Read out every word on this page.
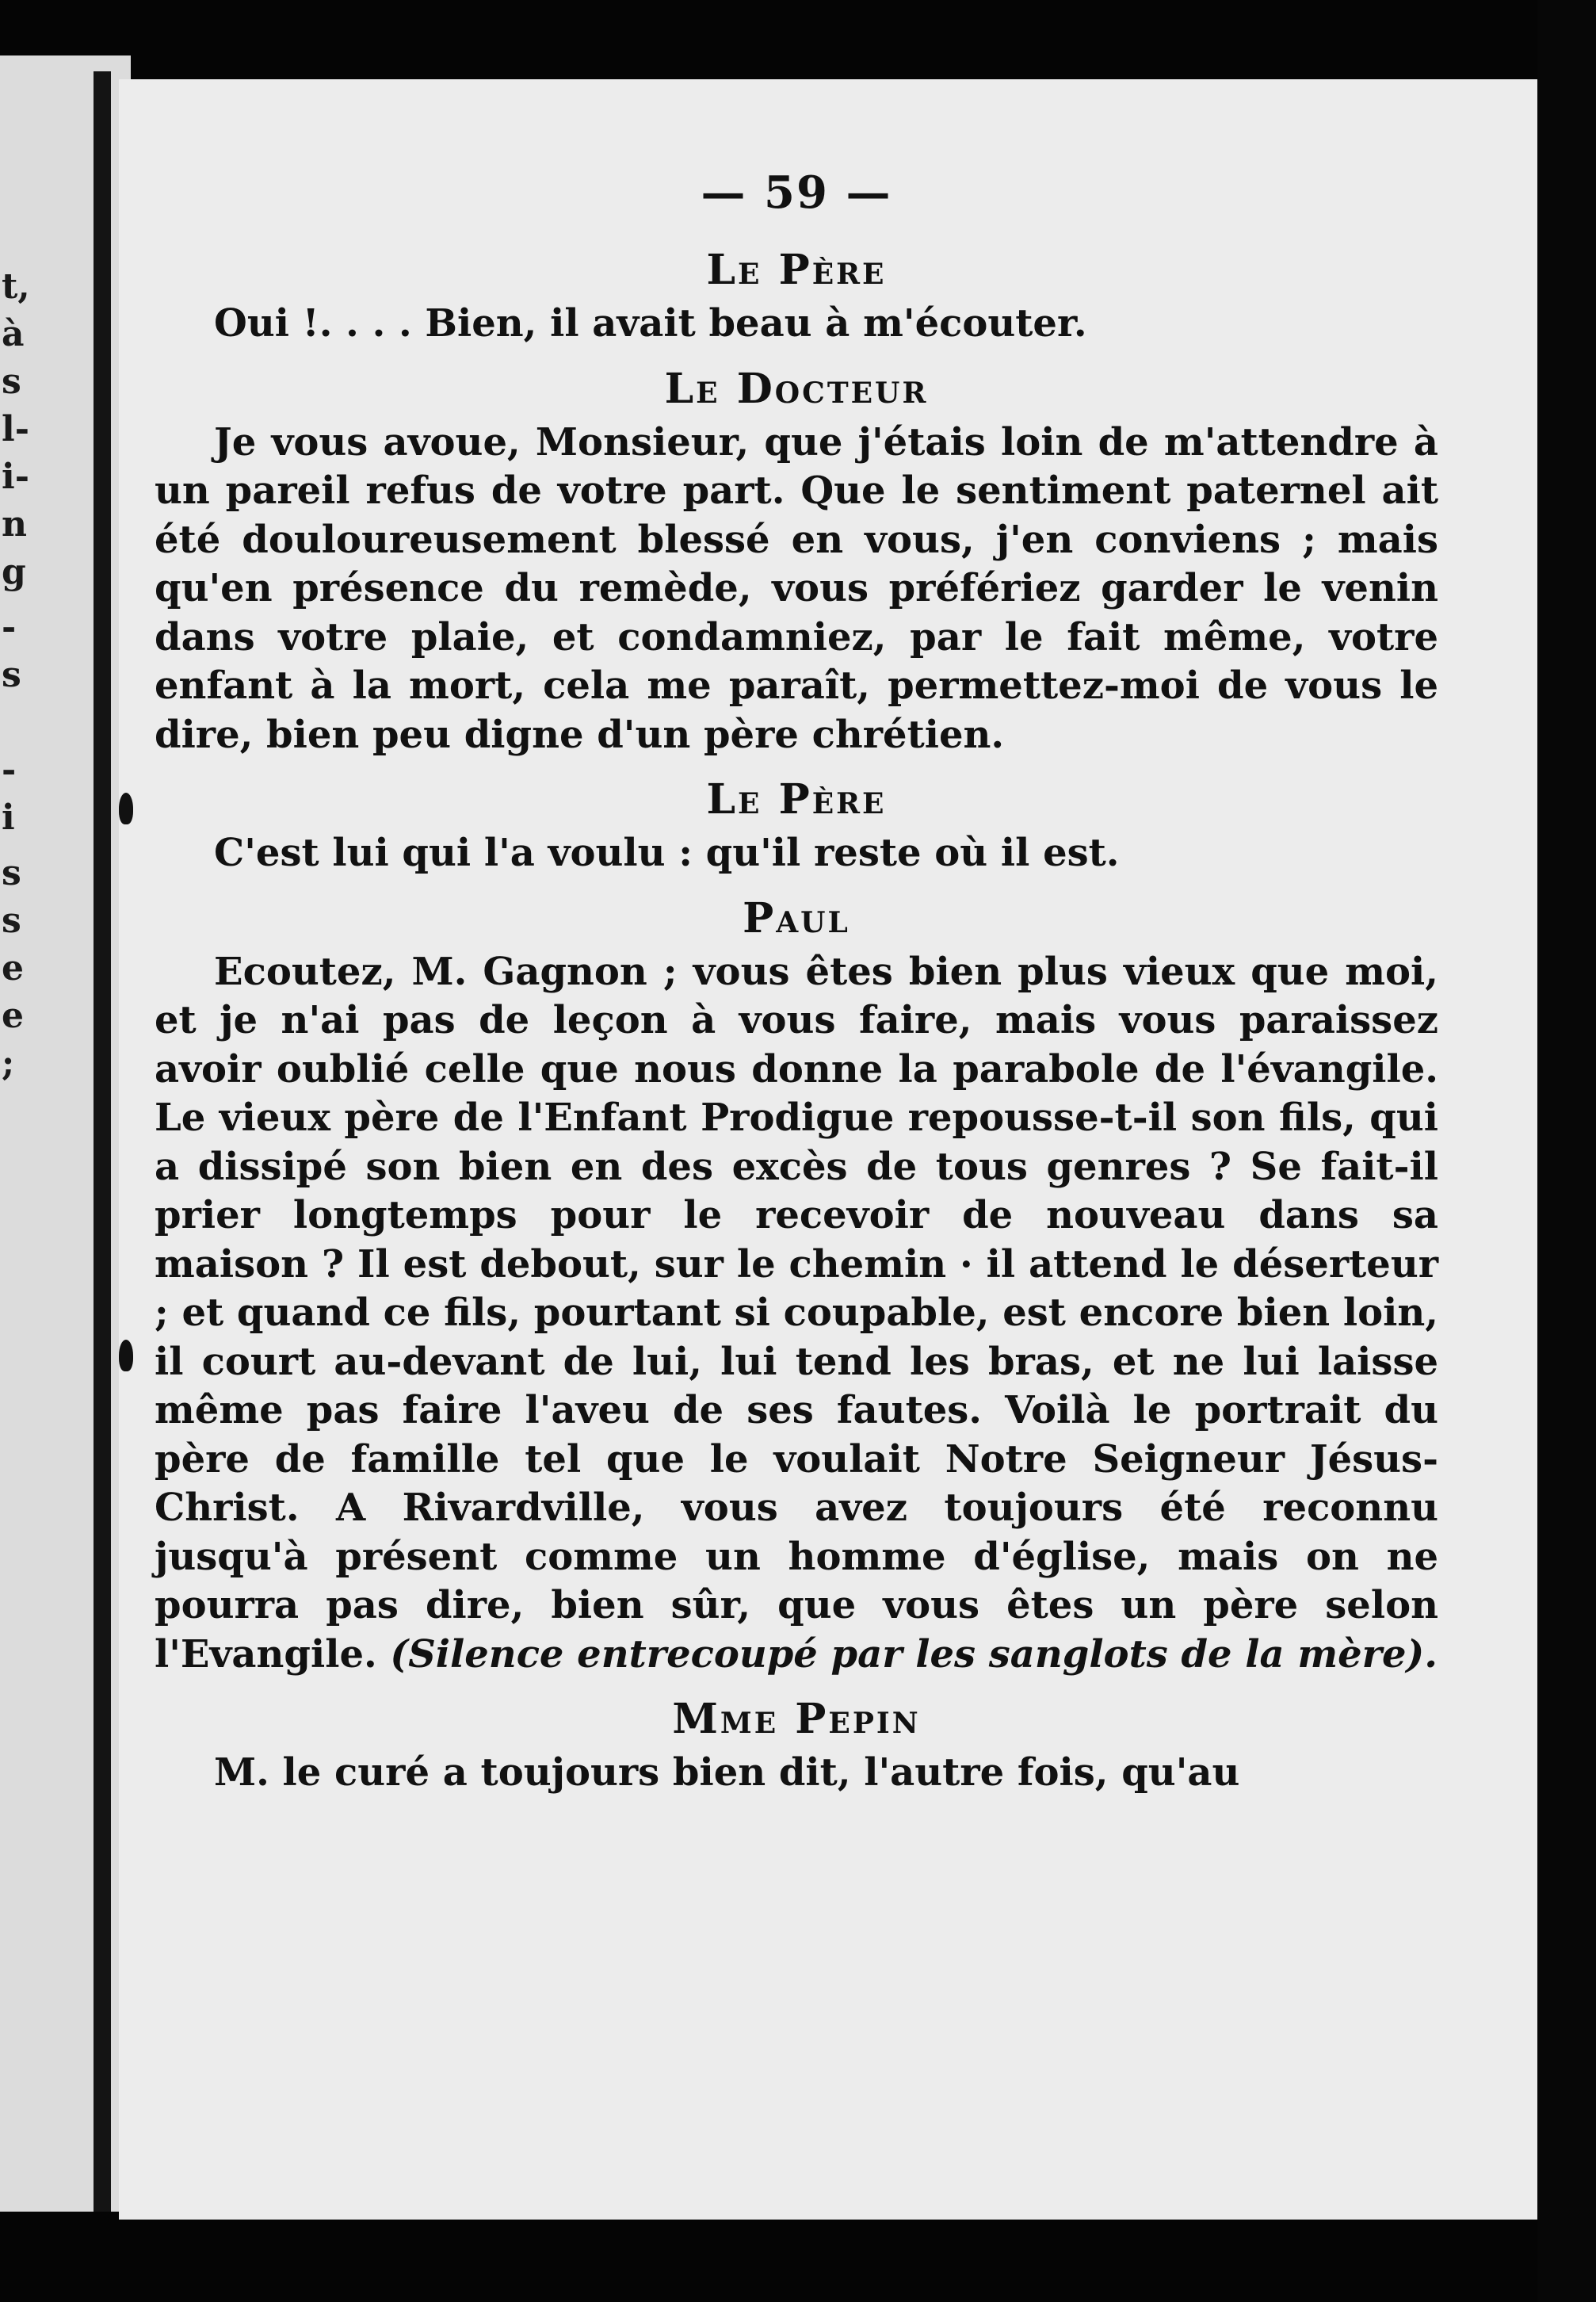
t,
à
s
l-
i-
n
g
-
s
-
i
s
s
e
e
;
— 59 —
Le Père

Oui !. . . . Bien, il avait beau à m'écouter.

Le Docteur

Je vous avoue, Monsieur, que j'étais loin de m'attendre à un pareil refus de votre part. Que le sentiment paternel ait été douloureusement blessé en vous, j'en conviens ; mais qu'en présence du remède, vous préfériez garder le venin dans votre plaie, et condamniez, par le fait même, votre enfant à la mort, cela me paraît, permettez-moi de vous le dire, bien peu digne d'un père chrétien.

Le Père

C'est lui qui l'a voulu : qu'il reste où il est.

Paul

Ecoutez, M. Gagnon ; vous êtes bien plus vieux que moi, et je n'ai pas de leçon à vous faire, mais vous paraissez avoir oublié celle que nous donne la parabole de l'évangile. Le vieux père de l'Enfant Prodigue repousse-t-il son fils, qui a dissipé son bien en des excès de tous genres ? Se fait-il prier longtemps pour le recevoir de nouveau dans sa maison ? Il est debout, sur le chemin · il attend le déserteur ; et quand ce fils, pourtant si coupable, est encore bien loin, il court au-devant de lui, lui tend les bras, et ne lui laisse même pas faire l'aveu de ses fautes. Voilà le portrait du père de famille tel que le voulait Notre Seigneur Jésus-Christ. A Rivardville, vous avez toujours été reconnu jusqu'à présent comme un homme d'église, mais on ne pourra pas dire, bien sûr, que vous êtes un père selon l'Evangile. (Silence entrecoupé par les sanglots de la mère).

Mme Pepin

M. le curé a toujours bien dit, l'autre fois, qu'au
